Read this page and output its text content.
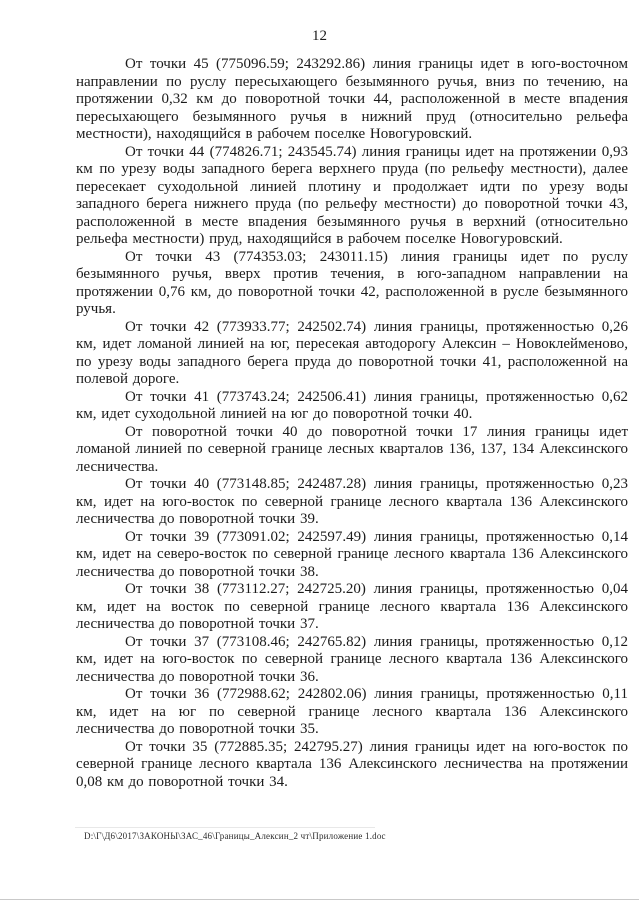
12

От точки 45 (775096.59; 243292.86) линия границы идет в юго-восточном направлении по руслу пересыхающего безымянного ручья, вниз по течению, на протяжении 0,32 км до поворотной точки 44, расположенной в месте впадения пересыхающего безымянного ручья в нижний пруд (относительно рельефа местности), находящийся в рабочем поселке Новогуровский.

От точки 44 (774826.71; 243545.74) линия границы идет на протяжении 0,93 км по урезу воды западного берега верхнего пруда (по рельефу местности), далее пересекает суходольной линией плотину и продолжает идти по урезу воды западного берега нижнего пруда (по рельефу местности) до поворотной точки 43, расположенной в месте впадения безымянного ручья в верхний (относительно рельефа местности) пруд, находящийся в рабочем поселке Новогуровский.

От точки 43 (774353.03; 243011.15) линия границы идет по руслу безымянного ручья, вверх против течения, в юго-западном направлении на протяжении 0,76 км, до поворотной точки 42, расположенной в русле безымянного ручья.

От точки 42 (773933.77; 242502.74) линия границы, протяженностью 0,26 км, идет ломаной линией на юг, пересекая автодорогу Алексин – Новоклейменово, по урезу воды западного берега пруда до поворотной точки 41, расположенной на полевой дороге.

От точки 41 (773743.24; 242506.41) линия границы, протяженностью 0,62 км, идет суходольной линией на юг до поворотной точки 40.

От поворотной точки 40 до поворотной точки 17 линия границы идет ломаной линией по северной границе лесных кварталов 136, 137, 134 Алексинского лесничества.

От точки 40 (773148.85; 242487.28) линия границы, протяженностью 0,23 км, идет на юго-восток по северной границе лесного квартала 136 Алексинского лесничества до поворотной точки 39.

От точки 39 (773091.02; 242597.49) линия границы, протяженностью 0,14 км, идет на северо-восток по северной границе лесного квартала 136 Алексинского лесничества до поворотной точки 38.

От точки 38 (773112.27; 242725.20) линия границы, протяженностью 0,04 км, идет на восток по северной границе лесного квартала 136 Алексинского лесничества до поворотной точки 37.

От точки 37 (773108.46; 242765.82) линия границы, протяженностью 0,12 км, идет на юго-восток по северной границе лесного квартала 136 Алексинского лесничества до поворотной точки 36.

От точки 36 (772988.62; 242802.06) линия границы, протяженностью 0,11 км, идет на юг по северной границе лесного квартала 136 Алексинского лесничества до поворотной точки 35.

От точки 35 (772885.35; 242795.27) линия границы идет на юго-восток по северной границе лесного квартала 136 Алексинского лесничества на протяжении 0,08 км до поворотной точки 34.

D:\Г\Д6\2017\ЗАКОНЫ\ЗАС_46\Границы_Алексин_2 чт\Приложение 1.doc
